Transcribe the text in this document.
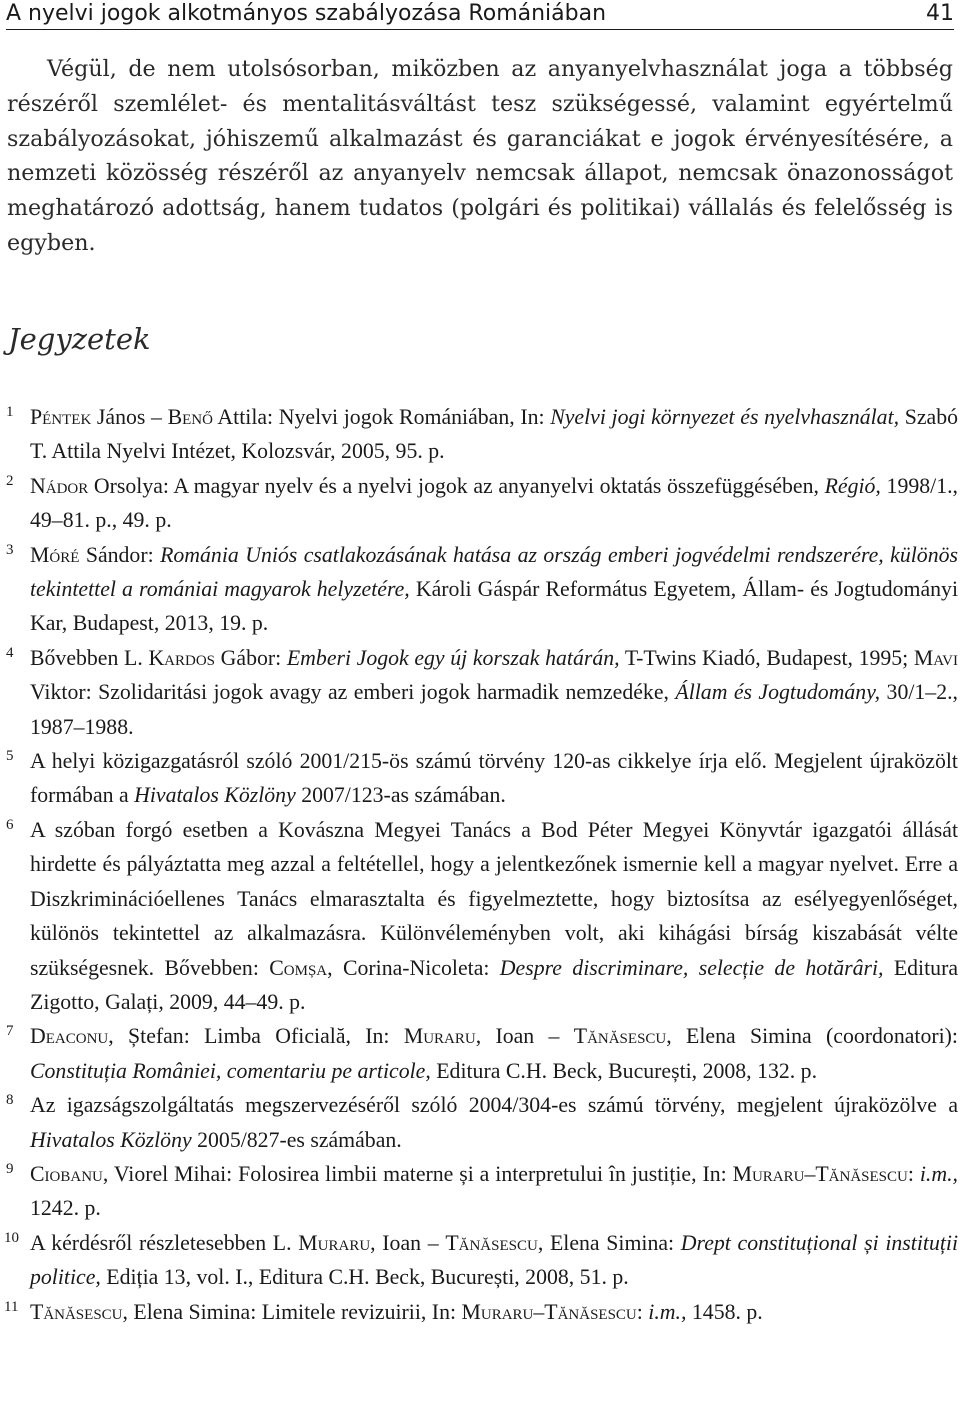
A nyelvi jogok alkotmányos szabályozása Romániában	41

Végül, de nem utolsósorban, miközben az anyanyelvhasználat joga a többség részéről szemlélet- és mentalitásváltást tesz szükségessé, valamint egyértelmű szabályozásokat, jóhiszemű alkalmazást és garanciákat e jogok érvényesítésére, a nemzeti közösség részéről az anyanyelv nemcsak állapot, nemcsak önazonosságot meghatározó adottság, hanem tudatos (polgári és politikai) vállalás és felelősség is egyben.

Jegyzetek
1 Péntek János – Benő Attila: Nyelvi jogok Romániában, In: Nyelvi jogi környezet és nyelvhasználat, Szabó T. Attila Nyelvi Intézet, Kolozsvár, 2005, 95. p.
2 Nádor Orsolya: A magyar nyelv és a nyelvi jogok az anyanyelvi oktatás összefüggésében, Régió, 1998/1., 49–81. p., 49. p.
3 Móré Sándor: Románia Uniós csatlakozásának hatása az ország emberi jogvédelmi rendszerére, különös tekintettel a romániai magyarok helyzetére, Károli Gáspár Református Egyetem, Állam- és Jogtudományi Kar, Budapest, 2013, 19. p.
4 Bővebben L. Kardos Gábor: Emberi Jogok egy új korszak határán, T-Twins Kiadó, Budapest, 1995; Mavi Viktor: Szolidaritási jogok avagy az emberi jogok harmadik nemzedéke, Állam és Jogtudomány, 30/1–2., 1987–1988.
5 A helyi közigazgatásról szóló 2001/215-ös számú törvény 120-as cikkelye írja elő. Megjelent újraközölt formában a Hivatalos Közlöny 2007/123-as számában.
6 A szóban forgó esetben a Kovászna Megyei Tanács a Bod Péter Megyei Könyvtár igazgatói állását hirdette és pályáztatta meg azzal a feltétellel, hogy a jelentkezőnek ismernie kell a magyar nyelvet. Erre a Diszkriminációellenes Tanács elmarasztalta és figyelmeztette, hogy biztosítsa az esélyegyenlőséget, különös tekintettel az alkalmazásra. Különvéleményben volt, aki kihágási bírság kiszabását vélte szükségesnek. Bővebben: Comșa, Corina-Nicoleta: Despre discriminare, selecție de hotărâri, Editura Zigotto, Galați, 2009, 44–49. p.
7 Deaconu, Ștefan: Limba Oficială, In: Muraru, Ioan – Tănăsescu, Elena Simina (coordonatori): Constituția României, comentariu pe articole, Editura C.H. Beck, București, 2008, 132. p.
8 Az igazságszolgáltatás megszervezéséről szóló 2004/304-es számú törvény, megjelent újraközölve a Hivatalos Közlöny 2005/827-es számában.
9 Ciobanu, Viorel Mihai: Folosirea limbii materne și a interpretului în justiție, In: Muraru–Tănăsescu: i.m., 1242. p.
10 A kérdésről részletesebben L. Muraru, Ioan – Tănăsescu, Elena Simina: Drept constituțional și instituții politice, Ediția 13, vol. I., Editura C.H. Beck, București, 2008, 51. p.
11 Tănăsescu, Elena Simina: Limitele revizuirii, In: Muraru–Tănăsescu: i.m., 1458. p.
